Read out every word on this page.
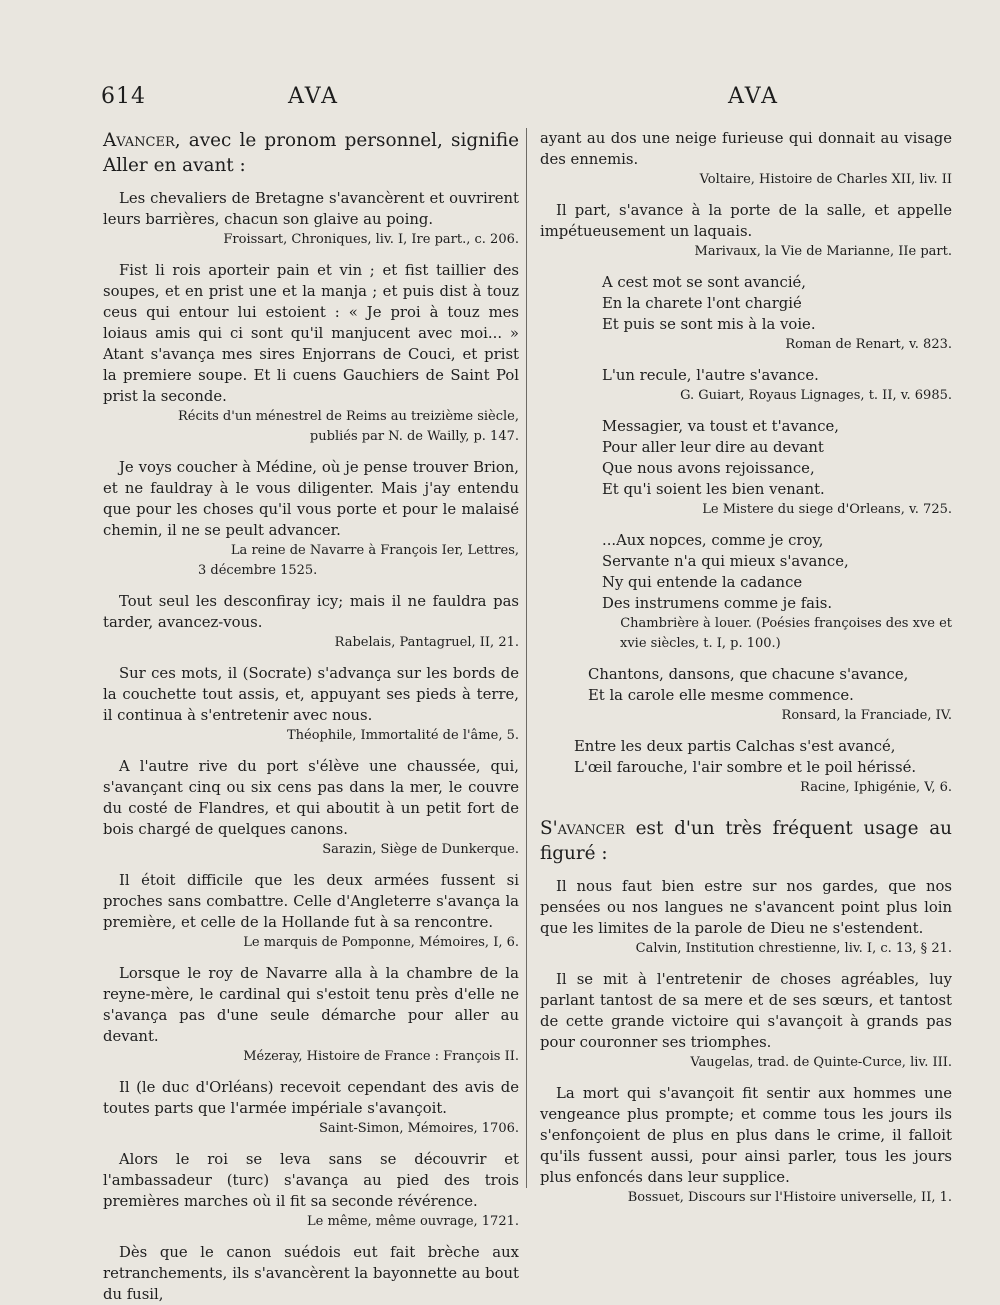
614	AVA	AVA

Avancer, avec le pronom personnel, signifie Aller en avant :

Les chevaliers de Bretagne s'avancèrent et ouvrirent leurs barrières, chacun son glaive au poing.

Froissart, Chroniques, liv. I, Ire part., c. 206.

Fist li rois aporteir pain et vin ; et fist taillier des soupes, et en prist une et la manja ; et puis dist à touz ceus qui entour lui estoient : « Je proi à touz mes loiaus amis qui ci sont qu'il manjucent avec moi... » Atant s'avança mes sires Enjorrans de Couci, et prist la premiere soupe. Et li cuens Gauchiers de Saint Pol prist la seconde.

Récits d'un ménestrel de Reims au treizième siècle,

publiés par N. de Wailly, p. 147.

Je voys coucher à Médine, où je pense trouver Brion, et ne fauldray à le vous diligenter. Mais j'ay entendu que pour les choses qu'il vous porte et pour le malaisé chemin, il ne se peult advancer.

La reine de Navarre à François Ier, Lettres,

3 décembre 1525.

Tout seul les desconfiray icy; mais il ne fauldra pas tarder, avancez-vous.

Rabelais, Pantagruel, II, 21.

Sur ces mots, il (Socrate) s'advança sur les bords de la couchette tout assis, et, appuyant ses pieds à terre, il continua à s'entretenir avec nous.

Théophile, Immortalité de l'âme, 5.

A l'autre rive du port s'élève une chaussée, qui, s'avançant cinq ou six cens pas dans la mer, le couvre du costé de Flandres, et qui aboutit à un petit fort de bois chargé de quelques canons.

Sarazin, Siège de Dunkerque.

Il étoit difficile que les deux armées fussent si proches sans combattre. Celle d'Angleterre s'avança la première, et celle de la Hollande fut à sa rencontre.

Le marquis de Pomponne, Mémoires, I, 6.

Lorsque le roy de Navarre alla à la chambre de la reyne-mère, le cardinal qui s'estoit tenu près d'elle ne s'avança pas d'une seule démarche pour aller au devant.

Mézeray, Histoire de France : François II.

Il (le duc d'Orléans) recevoit cependant des avis de toutes parts que l'armée impériale s'avançoit.

Saint-Simon, Mémoires, 1706.

Alors le roi se leva sans se découvrir et l'ambassadeur (turc) s'avança au pied des trois premières marches où il fit sa seconde révérence.

Le même, même ouvrage, 1721.

Dès que le canon suédois eut fait brèche aux retranchements, ils s'avancèrent la bayonnette au bout du fusil,

ayant au dos une neige furieuse qui donnait au visage des ennemis.

Voltaire, Histoire de Charles XII, liv. II

Il part, s'avance à la porte de la salle, et appelle impétueusement un laquais.

Marivaux, la Vie de Marianne, IIe part.

A cest mot se sont avancié,

En la charete l'ont chargié

Et puis se sont mis à la voie.

Roman de Renart, v. 823.

L'un recule, l'autre s'avance.

G. Guiart, Royaus Lignages, t. II, v. 6985.

Messagier, va toust et t'avance,

Pour aller leur dire au devant

Que nous avons rejoissance,

Et qu'i soient les bien venant.

Le Mistere du siege d'Orleans, v. 725.

...Aux nopces, comme je croy,

Servante n'a qui mieux s'avance,

Ny qui entende la cadance

Des instrumens comme je fais.

Chambrière à louer. (Poésies françoises des xve et

xvie siècles, t. I, p. 100.)

Chantons, dansons, que chacune s'avance,

Et la carole elle mesme commence.

Ronsard, la Franciade, IV.

Entre les deux partis Calchas s'est avancé,

L'œil farouche, l'air sombre et le poil hérissé.

Racine, Iphigénie, V, 6.

S'avancer est d'un très fréquent usage au figuré :

Il nous faut bien estre sur nos gardes, que nos pensées ou nos langues ne s'avancent point plus loin que les limites de la parole de Dieu ne s'estendent.

Calvin, Institution chrestienne, liv. I, c. 13, § 21.

Il se mit à l'entretenir de choses agréables, luy parlant tantost de sa mere et de ses sœurs, et tantost de cette grande victoire qui s'avançoit à grands pas pour couronner ses triomphes.

Vaugelas, trad. de Quinte-Curce, liv. III.

La mort qui s'avançoit fit sentir aux hommes une vengeance plus prompte; et comme tous les jours ils s'enfonçoient de plus en plus dans le crime, il falloit qu'ils fussent aussi, pour ainsi parler, tous les jours plus enfoncés dans leur supplice.

Bossuet, Discours sur l'Histoire universelle, II, 1.
